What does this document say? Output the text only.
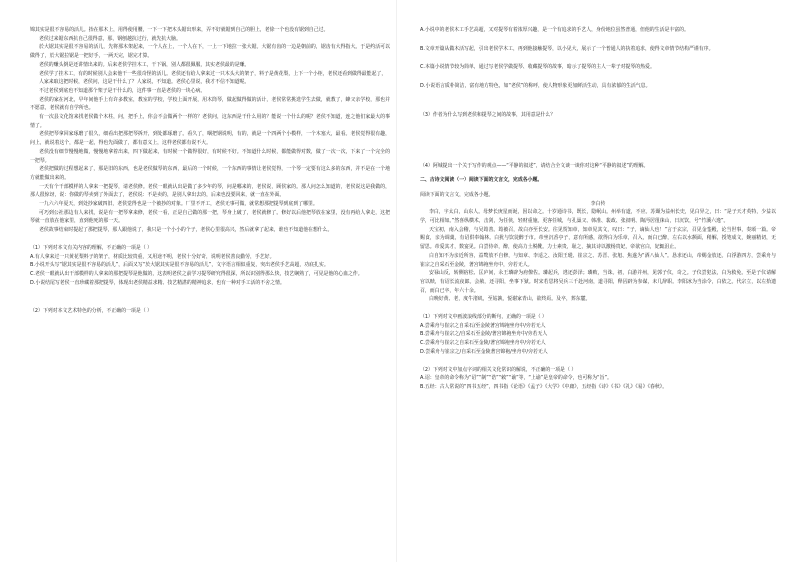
锦其实是很不容易的活儿。抬在那木上，用得使用腰，一下一下把木头锯出形来，弄不好就锯到自己的胆上，老徐一个也没有锯到自己过。

老侯过来锯东西抗自己很得意，那，钢刨越抗过行，就先抗大脑。

於大锯其实是很不容易的活儿，先将那木架起来，一个人在上，一个人在下，一上一下地拉一张大锯。大锯有齿的一边是朝前的，锯齿有大得指大。于是约活可以做得了，於大锯拉锯是一把好手，一两天完，锯完才算。

老侯的赚头倒是还讲情出来的。后来老侯学挂木工，干下锅，别人都很佩服，其实老侯最的是赚。

老侯学了挂木工，有的时候别人会来他干一些很奇怪的活儿。老侯还有给人拿来过一只木头大的架子，料子是黄花梨，上下一个小柜，老侯还看到做得最能起了，

人家来取这把时候，老侯问，这是干什么了？人家说，不知道。老侯心里说，我才不信不知道呢。

不过老侯到底也不知道那个架子是干什么的，这件事一直是老侯的一块心病。

老侯的家在河北，早年间他手上有许多教室，教室的学校，学校上面开展，用木筒琴，做起做得做的活计，老侯常常挑选学生去做，就教了，蜂父亲学校，那也并不愿意，老侯就有自学所也。

有一次县文化馆来找老侯做个木柱，问，把手上，你会不会做两个一样的？老侯问，这东西是干什么用的？能说一个什么的呢？老侯不知道，连之他们家最大的事情了。

老侯把琴拿回家琢磨了很久，细看出把那把琴拆开，到处都琢磨了。看久了，咽把钢说明，有的，就是一个四两个小模样，一个木塞大，最看。老侯觉得很有趣，问上，就说着这个，都是一起，得也先面做了，都有意义上，这样老侯都有说不大。

老侯没有细节慢慢地做，慢慢地拿着出来，四下做起来，有时候一个做得很好，有时候不好。不知道什么时候，都能做得对数，做了一次一次，下来了一个完全的一把琴。

老侯把做的过程想起来了，那是旧的东西，也是老侯做琴的东西，最后的一个时候，一个东西的事情让老侯觉得，一个琴一定要有这么多的东西，并不是在一个地方就能做出来的。

一天有个干部模样的人拿来一把提琴，请老侯修。老侯一眼就认出是做了多少年的琴，问是哪来的，老侯说，顾侯家的。那人问怎么知道的，老侯说这是我做的，那人很惊讶，说：你做的琴卖到了外面去了，老侯说：不是卖的，是别人拿出去的，后来也没要回来，就一直在外面。

一九六六年夏天，到处抄家破四旧，老侯觉得也是一个被抄的对象。厂里不开工，老侯无事可做，就常想那把提琴到底到了哪里。

可巧到公社那边有人来找，说是有一把琴拿来修，老侯一看，正是自己做的那一把，琴身上破了，老侯就修了。修好以后他把琴放在家里，没有再给人拿走，这把琴就一直放在他家里，直到他死的那一天。

老侯故事结束时提起了那把提琴，那人跟他说了，我只是一个小小的个子，老侯心里很高兴，然后就拿了起来，谁也不知道他在想什么。

（1）下列对本文有关内容的理解，不正确的一项是（ ）

A.有人拿来过一只黄花梨料子的架子，材质比较贵重，又用途不明，老侯十分好奇，说明老侯善良勤劳，手艺好。

B.小说开头写“锯其实是很不容易的活儿”，后面又写“於大锯其实是很不容易的活儿”，文字语言相似重复，突出老侯手艺高超，功底扎实。

C.老侯一眼就认出干部模样的人拿来的那把提琴是他做的，这表明老侯之前学习提琴研究得很深，所以识别得那么快，技艺娴熟了，可见是他的心血之作。

D.小说结尾写老侯一直珍藏着那把提琴，体现出老侯精益求精、技艺精湛的精神追求，也有一种对手工活的不舍之情。

（2）下列对本文艺术特色的分析，不正确的一项是（ ）

A.小说中的老侯木工手艺高超，又对提琴有着浓厚兴趣，是一个有追求的手艺人，身份地位虽然普通，但他的生活是丰富的。

B.文章开篇从做木活写起，引出老侯学木工，再到他接触提琴，以小见大，展示了一个普通人的执着追求，使得文章情节结构严谨有序。

C.本篇小说情节较为简单，通过写老侯学做提琴、收藏提琴的故事，暗示了提琴的主人一辈子对提琴的热爱。

D.小说语言质朴简洁，富有地方特色，如“老侯”的称呼，使人物形象更加鲜活生动，具有浓郁的生活气息。

（3）作者为什么写到老侯和提琴之间的故事，其用意是什么？

（4）阿城提出一个关于写作的观点——“平静的叙述”，请结合全文谈一谈你对这种“平静的叙述”的理解。

二、古诗文阅读（一）阅读下面的文言文，完成各小题。

阅读下面的文言文，完成各小题。

李白传

李白，字太白，山东人。母梦长庚星而诞，因以命之。十岁通诗书，既长，隐岷山。州举有道，不应。苏颋为益州长史，见白异之，曰：“是子天才英特，少益以学，可比相如。”然喜纵横术，击剑，为任侠，轻财重施。更客任城，与孔巢父、韩准、裴政、张叔明、陶沔居徂徕山，日沉饮，号“竹溪六逸”。

天宝初，南入会稽，与吴筠善。筠被召，故白亦至长安。往见贺知章，知章见其文，叹曰：“子，谪仙人也！”言于玄宗，召见金銮殿，论当世事，奏颂一篇。帝赐食，亲为调羹，有诏供奉翰林。白犹与饮徒醉于市。帝坐沉香亭子，意有所感，欲得白为乐章，召入，而白已醉，左右以水颒面，稍解，授笔成文，婉丽精切，无留思。帝爱其才，数宴见。白尝侍帝，醉，使高力士脱靴。力士素贵，耻之，摘其诗以激杨贵妃，帝欲官白，妃辄沮止。

白自知不为亲近所容，益骜放不自修，与知章、李适之、汝阳王琎、崔宗之、苏晋、张旭、焦遂为“酒八仙人”。恳求还山，帝赐金放还。白浮游四方，尝乘舟与崔宗之自采石至金陵，著宫锦袍坐舟中，旁若无人。

安禄山反，转侧宿松、匡庐间，永王璘辟为府僚佐。璘起兵，逃还彭泽；璘败，当诛。初，白游并州，见郭子仪，奇之。子仪尝犯法，白为救免。至是子仪请解官以赎，有诏长流夜郎。会赦，还寻阳，坐事下狱。时宋若思将吴兵三千赴河南，道寻阳，释囚辟为参谋，未几辞职。李阳冰为当涂令，白依之。代宗立，以左拾遗召，而白已卒，年六十余。

白晚好黄、老，度牛渚矶，至姑孰，悦谢家青山，欲终焉。及卒，葬东麓。

（1）下列对文中画波浪线部分的断句，正确的一项是（ ）

A.尝乘舟与崔宗之自采石/至金陵著宫锦袍坐舟中/旁若无人

B.尝乘舟与崔宗之/自采石至金陵/著宫锦袍坐舟中/旁若无人

C.尝乘舟与崔宗之自采石至金陵/著宫锦袍坐舟中/旁若无人

D.尝乘舟与崔宗之/自采石至金陵著宫锦袍/坐舟中/旁若无人

（2）下列对文中加点字词的相关文化常识的解说，不正确的一项是（ ）

A.诏：皇帝的命令称为“诏”“制”“诰”“敕”“谕”等，“上谕”是皇帝的命令，也可称为“旨”。

B.五经：古人常说的“四书五经”，四书指《论语》《孟子》《大学》《中庸》，五经指《诗》《书》《礼》《易》《春秋》。
